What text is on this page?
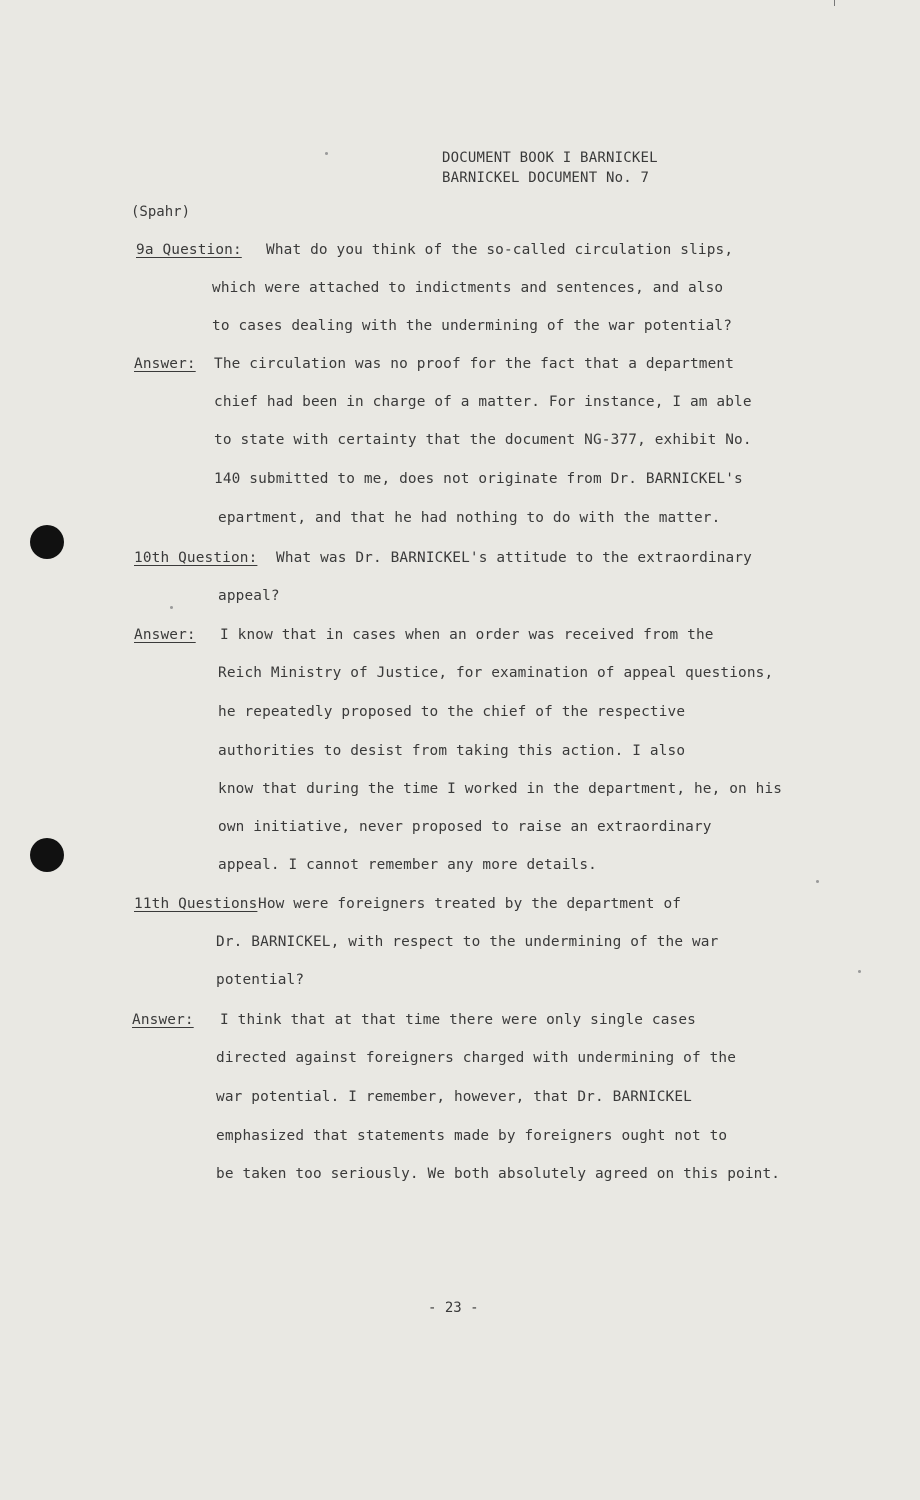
DOCUMENT BOOK I BARNICKEL
BARNICKEL DOCUMENT No. 7
(Spahr)
9a Question: What do you think of the so-called circulation slips,
which were attached to indictments and sentences, and also
to cases dealing with the undermining of the war potential?
Answer: The circulation was no proof for the fact that a department
chief had been in charge of a matter. For instance, I am able
to state with certainty that the document NG-377, exhibit No.
140 submitted to me, does not originate from Dr. BARNICKEL's
epartment, and that he had nothing to do with the matter.
10th Question: What was Dr. BARNICKEL's attitude to the extraordinary
appeal?
Answer: I know that in cases when an order was received from the
Reich Ministry of Justice, for examination of appeal questions,
he repeatedly proposed to the chief of the respective
authorities to desist from taking this action. I also
know that during the time I worked in the department, he, on his
own initiative, never proposed to raise an extraordinary
appeal. I cannot remember any more details.
11th Questions How were foreigners treated by the department of
Dr. BARNICKEL, with respect to the undermining of the war
potential?
Answer: I think that at that time there were only single cases
directed against foreigners charged with undermining of the
war potential. I remember, however, that Dr. BARNICKEL
emphasized that statements made by foreigners ought not to
be taken too seriously. We both absolutely agreed on this point.
- 23 -
